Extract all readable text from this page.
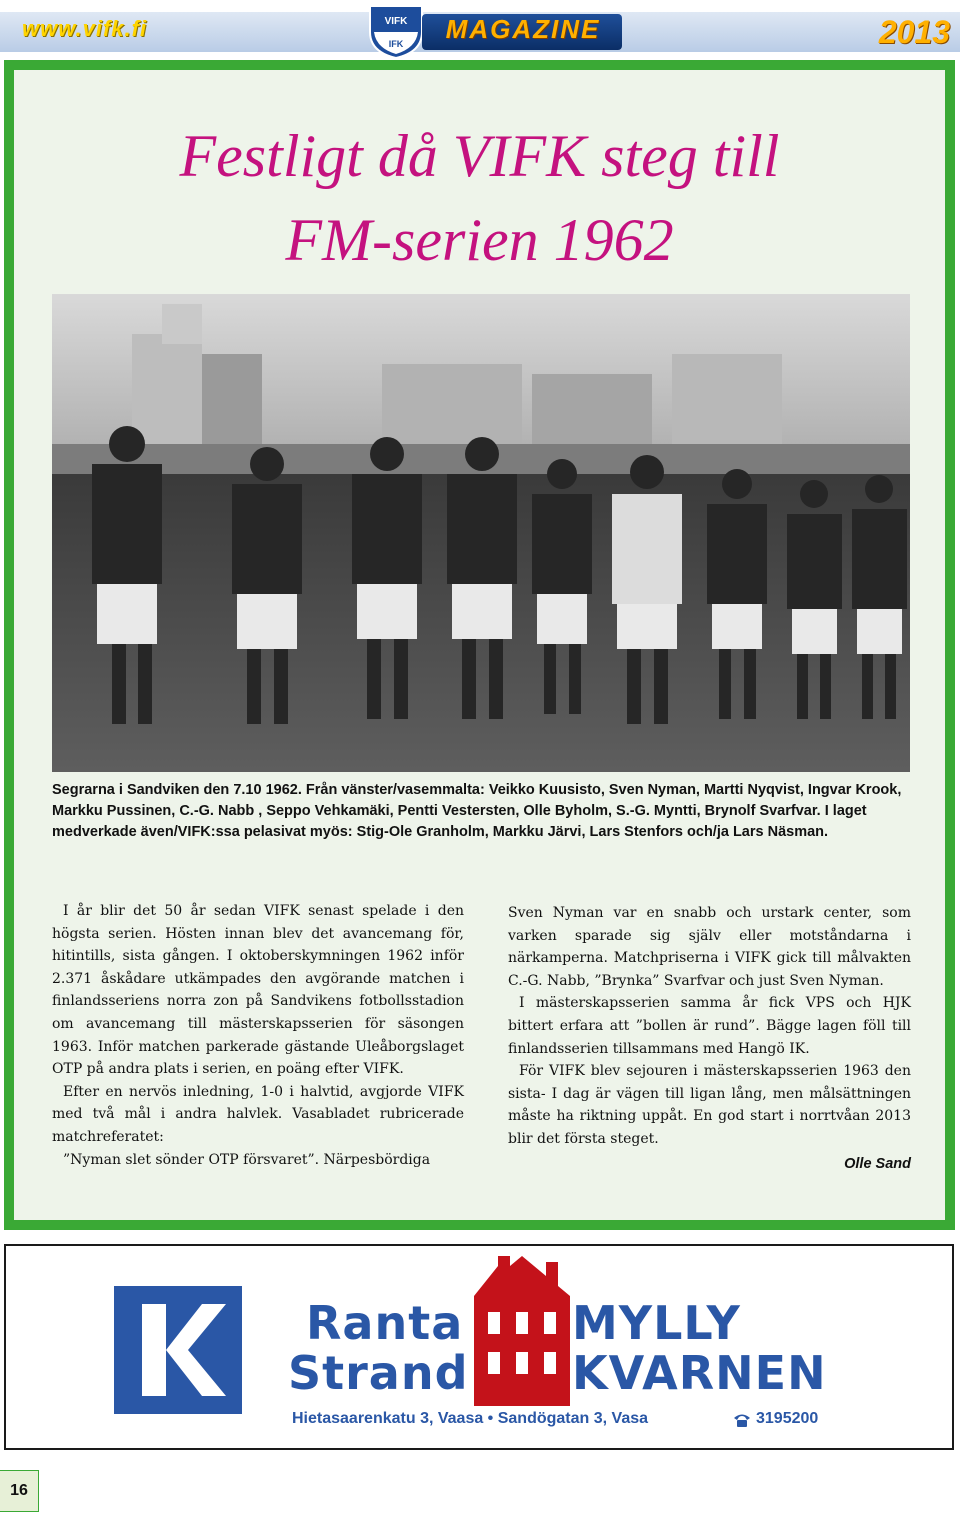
www.vifk.fi	VIFK
IFK	MAGAZINE	2013
Festligt då VIFK steg till
FM-serien 1962
Segrarna i Sandviken den 7.10 1962. Från vänster/vasemmalta: Veikko Kuusisto, Sven Nyman, Martti Nyqvist, Ingvar Krook, Markku Pussinen, C.-G. Nabb , Seppo Vehkamäki, Pentti Vestersten, Olle Byholm, S.-G. Myntti, Brynolf Svarfvar. I laget medverkade även/VIFK:ssa pelasivat myös: Stig-Ole Granholm, Markku Järvi, Lars Stenfors och/ja Lars Näsman.

I år blir det 50 år sedan VIFK senast spelade i den högsta serien. Hösten innan blev det avancemang för, hitintills, sista gången. I oktoberskymningen 1962 inför 2.371 åskådare utkämpades den avgörande matchen i finlandsseriens norra zon på Sandvikens fotbollsstadion om avancemang till mästerskapsserien för säsongen 1963. Inför matchen parkerade gästande Uleåborgslaget OTP på andra plats i serien, en poäng efter VIFK.

Efter en nervös inledning, 1-0 i halvtid, avgjorde VIFK med två mål i andra halvlek. Vasabladet rubricerade matchreferatet:

”Nyman slet sönder OTP försvaret”. Närpesbördiga

Sven Nyman var en snabb och urstark center, som varken sparade sig själv eller motståndarna i närkamperna. Matchpriserna i VIFK gick till målvakten C.-G. Nabb, ”Brynka” Svarfvar och just Sven Nyman.

I mästerskapsserien samma år fick VPS och HJK bittert erfara att ”bollen är rund”. Bägge lagen föll till finlandsserien tillsammans med Hangö IK.

För VIFK blev sejouren i mästerskapsserien 1963 den sista- I dag är vägen till ligan lång, men målsättningen måste ha riktning uppåt. En god start i norrtvåan 2013 blir det första steget.

Olle Sand
Ranta
Strand
MYLLY
KVARNEN
Hietasaarenkatu 3, Vaasa • Sandögatan 3, Vasa	3195200
16
